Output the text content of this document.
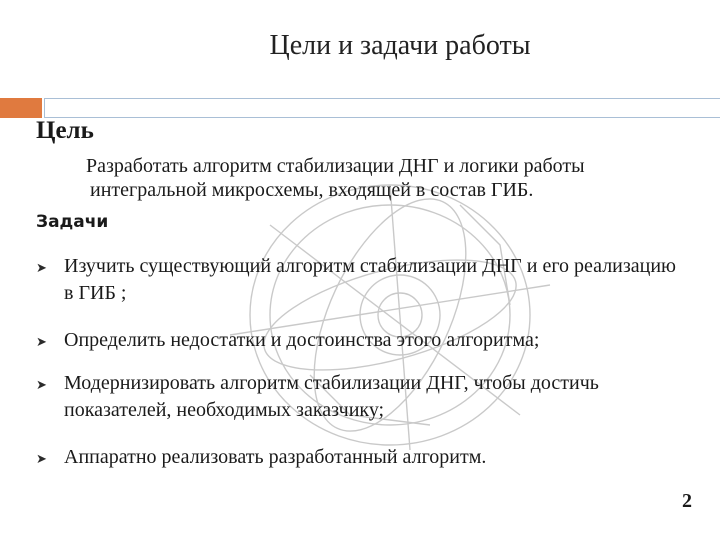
Цели и задачи работы
Цель
Разработать алгоритм стабилизации ДНГ и логики работы
интегральной микросхемы, входящей в состав ГИБ.
Задачи
➤ Изучить существующий алгоритм стабилизации ДНГ и его реализацию в ГИБ ;
➤ Определить недостатки и достоинства этого алгоритма;
➤ Модернизировать алгоритм стабилизации ДНГ, чтобы достичь показателей, необходимых заказчику;
➤ Аппаратно реализовать разработанный алгоритм.
2
